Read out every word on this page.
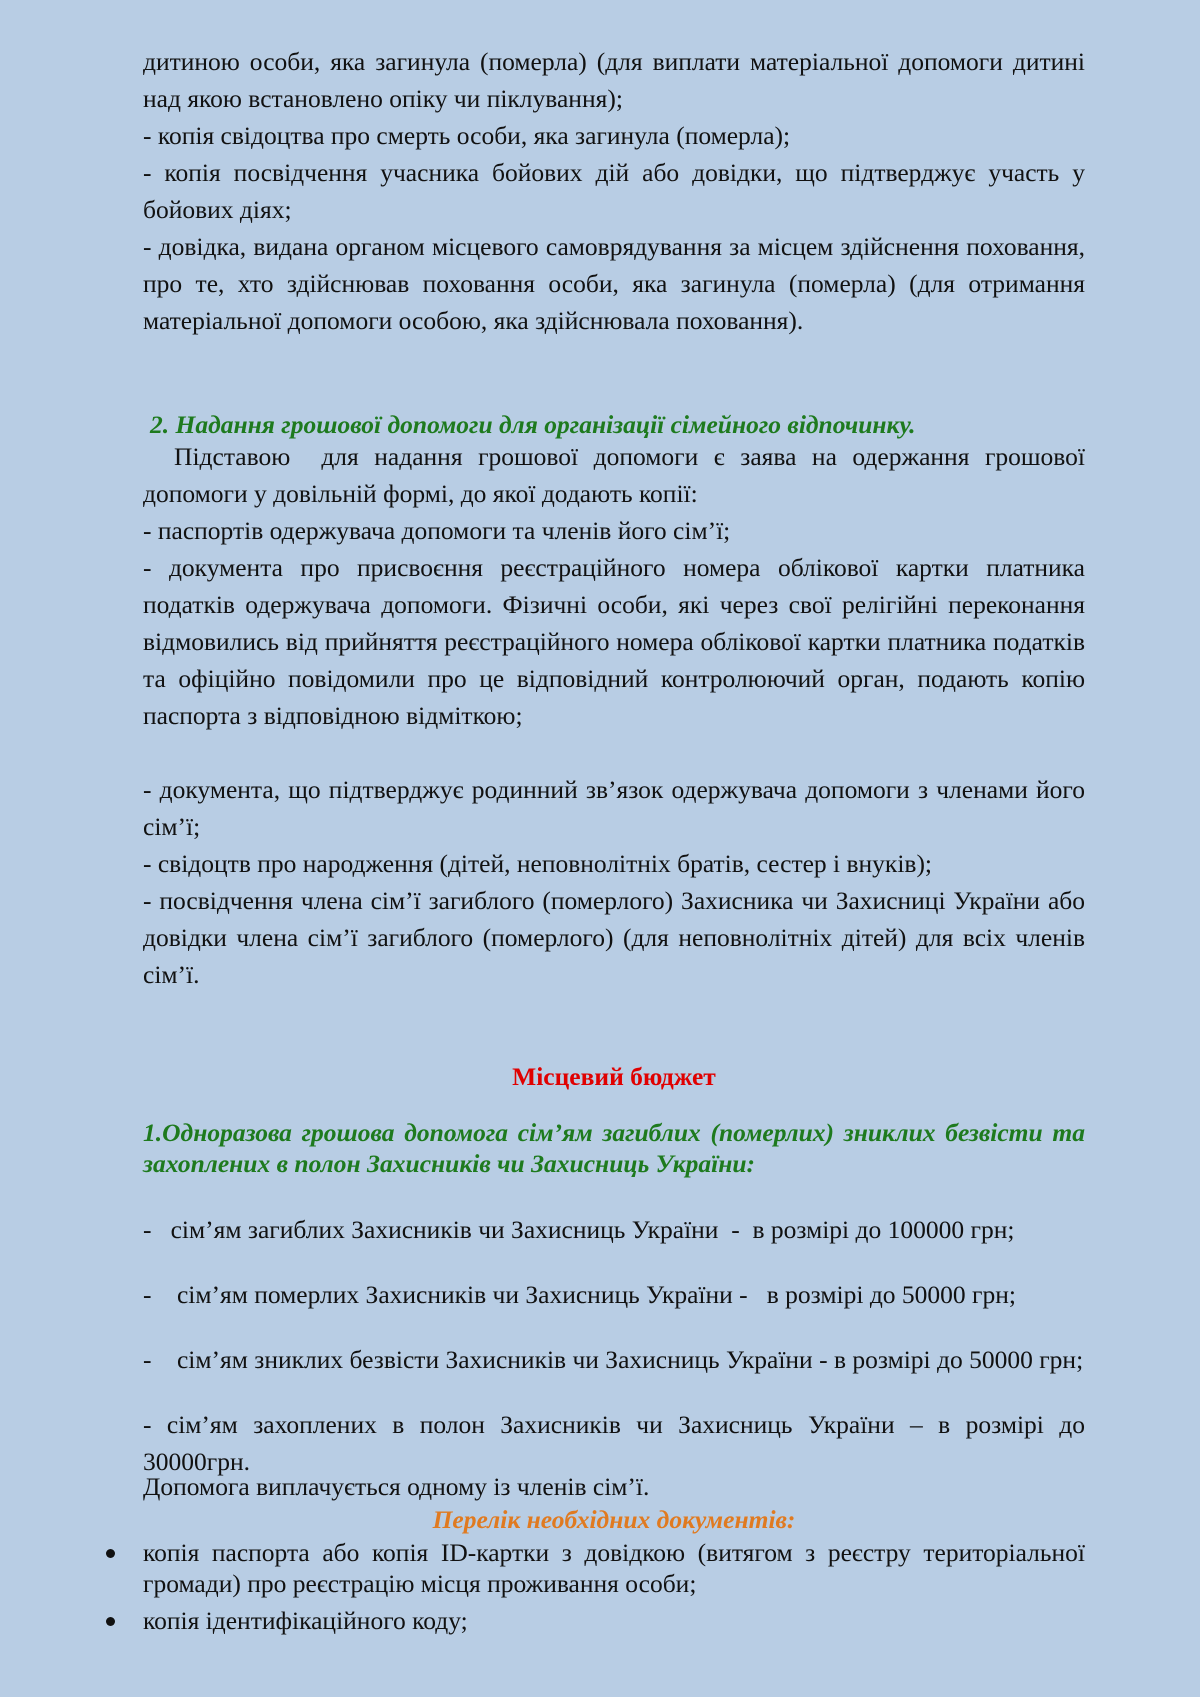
дитиною особи, яка загинула (померла) (для виплати матеріальної допомоги дитині над якою встановлено опіку чи піклування);

- копія свідоцтва про смерть особи, яка загинула (померла);

- копія посвідчення учасника бойових дій або довідки, що підтверджує участь у бойових діях;

- довідка, видана органом місцевого самоврядування за місцем здійснення поховання, про те, хто здійснював поховання особи, яка загинула (померла) (для отримання матеріальної допомоги особою, яка здійснювала поховання).

2. Надання грошової допомоги для організації сімейного відпочинку.

Підставою  для надання грошової допомоги є заява на одержання грошової допомоги у довільній формі, до якої додають копії:

- паспортів одержувача допомоги та членів його сім’ї;

- документа про присвоєння реєстраційного номера облікової картки платника податків одержувача допомоги. Фізичні особи, які через свої релігійні переконання відмовились від прийняття реєстраційного номера облікової картки платника податків та офіційно повідомили про це відповідний контролюючий орган, подають копію паспорта з відповідною відміткою;

- документа, що підтверджує родинний зв’язок одержувача допомоги з членами його сім’ї;

- свідоцтв про народження (дітей, неповнолітніх братів, сестер і внуків);

- посвідчення члена сім’ї загиблого (померлого) Захисника чи Захисниці України або довідки члена сім’ї загиблого (померлого) (для неповнолітніх дітей) для всіх членів сім’ї.

Місцевий бюджет

1.Одноразова грошова допомога сім’ям загиблих (померлих) зниклих безвісти та захоплених в полон Захисників чи Захисниць України:

-   сім’ям загиблих Захисників чи Захисниць України  -  в розмірі до 100000 грн;

-    сім’ям померлих Захисників чи Захисниць України -   в розмірі до 50000 грн;

-    сім’ям зниклих безвісти Захисників чи Захисниць України - в розмірі до 50000 грн;

- сім’ям захоплених в полон Захисників чи Захисниць України – в розмірі до 30000грн.

Допомога виплачується одному із членів сім’ї.

Перелік необхідних документів:

копія паспорта або копія ID-картки з довідкою (витягом з реєстру територіальної громади) про реєстрацію місця проживання особи;
копія ідентифікаційного коду;
